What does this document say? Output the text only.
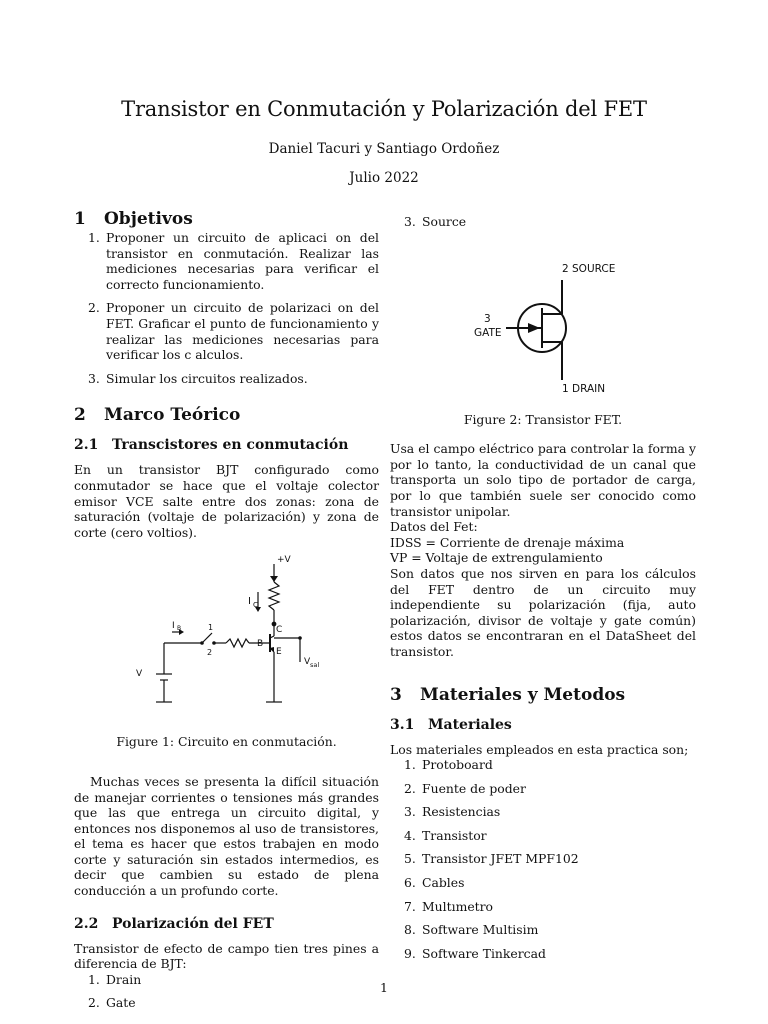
Transistor en Conmutación y Polarización del FET
Daniel Tacuri y Santiago Ordoñez
Julio 2022
1 Objetivos
1. Proponer un circuito de aplicaci on del transistor en conmutación. Realizar las mediciones necesarias para verificar el correcto funcionamiento.
2. Proponer un circuito de polarizaci on del FET. Graficar el punto de funcionamiento y realizar las mediciones necesarias para verificar los c alculos.
3. Simular los circuitos realizados.
2 Marco Teórico
2.1 Transcistores en conmutación

En un transistor BJT configurado como conmutador se hace que el voltaje colector emisor VCE salte entre dos zonas: zona de saturación (voltaje de polarización) y zona de corte (cero voltios).

+V
I C
I B	1
2
B
C
E
V
V sal
Figure 1: Circuito en conmutación.

Muchas veces se presenta la difícil situación de manejar corrientes o tensiones más grandes que las que entrega un circuito digital, y entonces nos disponemos al uso de transistores, el tema es hacer que estos trabajen en modo corte y saturación sin estados intermedios, es decir que cambien su estado de plena conducción a un profundo corte.

2.2 Polarización del FET

Transistor de efecto de campo tien tres pines a diferencia de BJT:

1. Drain
2. Gate
3. Source
2 SOURCE
3
GATE
1 DRAIN
Figure 2: Transistor FET.

Usa el campo eléctrico para controlar la forma y por lo tanto, la conductividad de un canal que transporta un solo tipo de portador de carga, por lo que también suele ser conocido como transistor unipolar.

Datos del Fet:

IDSS = Corriente de drenaje máxima

VP = Voltaje de extrengulamiento

Son datos que nos sirven en para los cálculos del FET dentro de un circuito muy independiente su polarización (fija, auto polarización, divisor de voltaje y gate común) estos datos se encontraran en el DataSheet del transistor.

3 Materiales y Metodos
3.1 Materiales

Los materiales empleados en esta practica son;

1. Protoboard
2. Fuente de poder
3. Resistencias
4. Transistor
5. Transistor JFET MPF102
6. Cables
7. Multımetro
8. Software Multisim
9. Software Tinkercad
1
